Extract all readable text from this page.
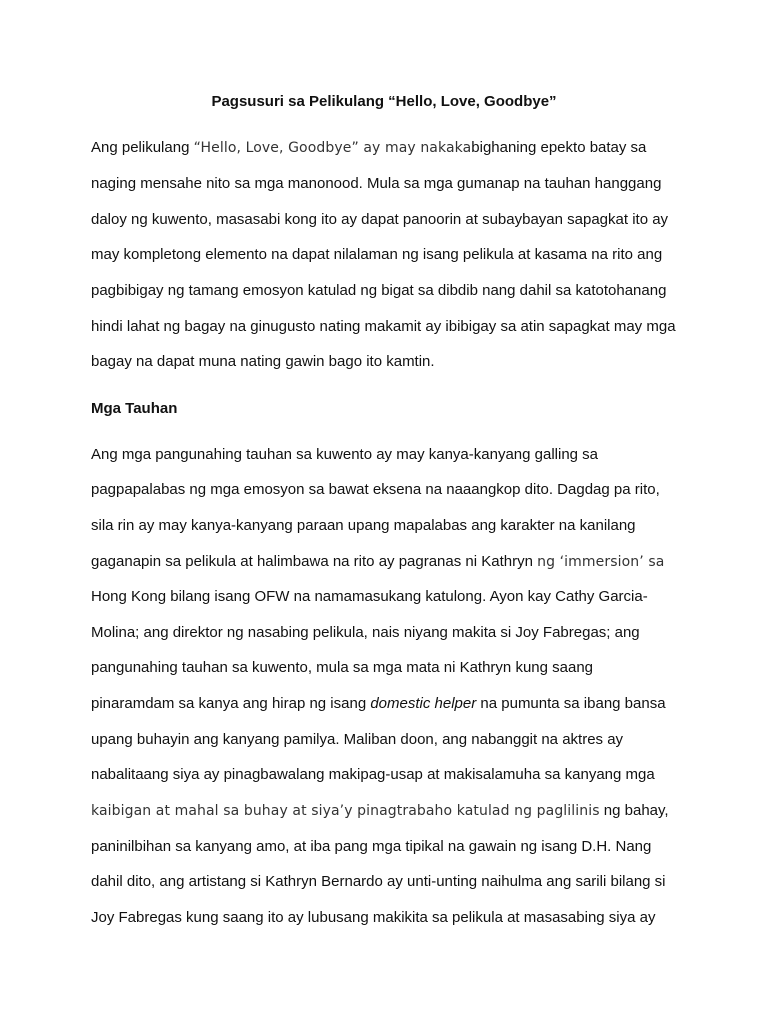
Pagsusuri sa Pelikulang “Hello, Love, Goodbye”

Ang pelikulang “Hello, Love, Goodbye” ay may nakakabighaning epekto batay sa

naging mensahe nito sa mga manonood. Mula sa mga gumanap na tauhan hanggang

daloy ng kuwento, masasabi kong ito ay dapat panoorin at subaybayan sapagkat ito ay

may kompletong elemento na dapat nilalaman ng isang pelikula at kasama na rito ang

pagbibigay ng tamang emosyon katulad ng bigat sa dibdib nang dahil sa katotohanang

hindi lahat ng bagay na ginugusto nating makamit ay ibibigay sa atin sapagkat may mga

bagay na dapat muna nating gawin bago ito kamtin.

Mga Tauhan

Ang mga pangunahing tauhan sa kuwento ay may kanya-kanyang galling sa

pagpapalabas ng mga emosyon sa bawat eksena na naaangkop dito. Dagdag pa rito,

sila rin ay may kanya-kanyang paraan upang mapalabas ang karakter na kanilang

gaganapin sa pelikula at halimbawa na rito ay pagranas ni Kathryn ng ‘immersion’ sa

Hong Kong bilang isang OFW na namamasukang katulong. Ayon kay Cathy Garcia-

Molina; ang direktor ng nasabing pelikula, nais niyang makita si Joy Fabregas; ang

pangunahing tauhan sa kuwento, mula sa mga mata ni Kathryn kung saang

pinaramdam sa kanya ang hirap ng isang domestic helper na pumunta sa ibang bansa

upang buhayin ang kanyang pamilya. Maliban doon, ang nabanggit na aktres ay

nabalitaang siya ay pinagbawalang makipag-usap at makisalamuha sa kanyang mga

kaibigan at mahal sa buhay at siya’y pinagtrabaho katulad ng paglilinis ng bahay,

paninilbihan sa kanyang amo, at iba pang mga tipikal na gawain ng isang D.H. Nang

dahil dito, ang artistang si Kathryn Bernardo ay unti-unting naihulma ang sarili bilang si

Joy Fabregas kung saang ito ay lubusang makikita sa pelikula at masasabing siya ay
